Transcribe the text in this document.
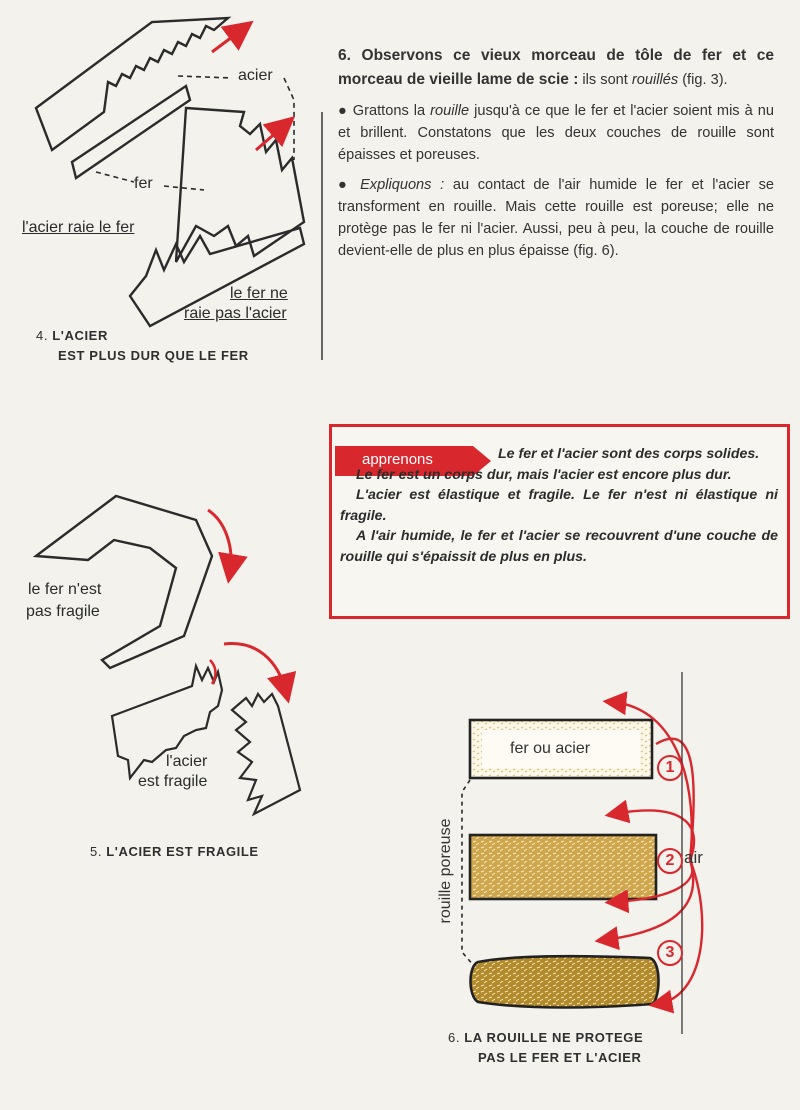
acier
fer
l'acier raie le fer
le fer ne
raie pas l'acier
4. L'ACIER
EST PLUS DUR QUE LE FER

6. Observons ce vieux morceau de tôle de fer et ce morceau de vieille lame de scie : ils sont rouillés (fig. 3).

● Grattons la rouille jusqu'à ce que le fer et l'acier soient mis à nu et brillent. Constatons que les deux couches de rouille sont épaisses et poreuses.

● Expliquons : au contact de l'air humide le fer et l'acier se transforment en rouille. Mais cette rouille est poreuse; elle ne protège pas le fer ni l'acier. Aussi, peu à peu, la couche de rouille devient-elle de plus en plus épaisse (fig. 6).

apprenons	Le fer et l'acier sont des corps solides.

Le fer est un corps dur, mais l'acier est encore plus dur.

L'acier est élastique et fragile. Le fer n'est ni élastique ni fragile.

A l'air humide, le fer et l'acier se recouvrent d'une couche de rouille qui s'épaissit de plus en plus.

le fer n'est
pas fragile
l'acier
est fragile
5. L'ACIER EST FRAGILE
fer ou acier
rouille poreuse	air
1
2
3
6. LA ROUILLE NE PROTEGE
PAS LE FER ET L'ACIER
